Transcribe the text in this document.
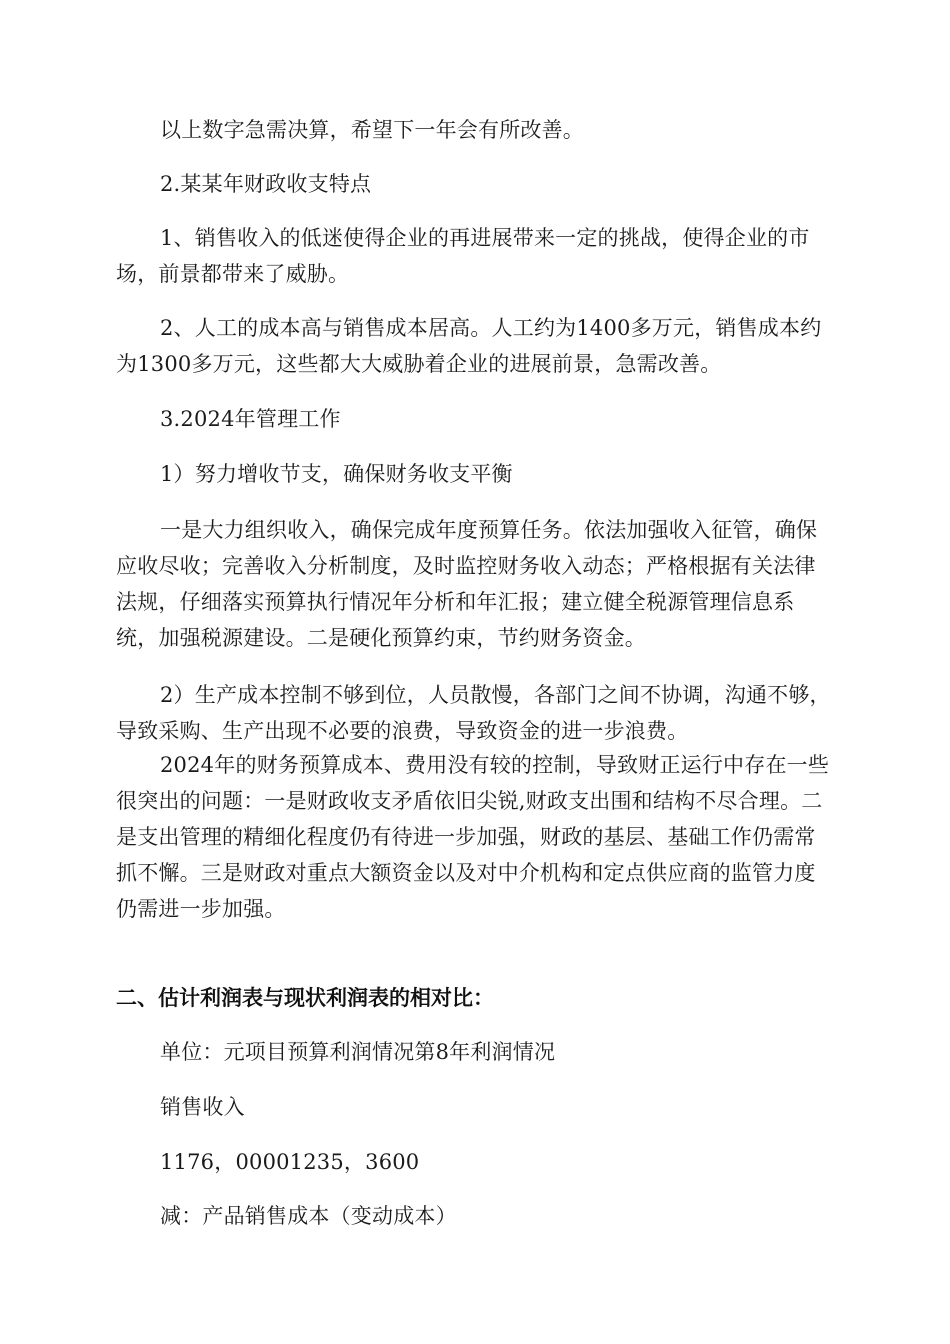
以上数字急需决算，希望下一年会有所改善。
2.某某年财政收支特点
1、销售收入的低迷使得企业的再进展带来一定的挑战，使得企业的市场，前景都带来了威胁。
2、人工的成本高与销售成本居高。人工约为1400多万元，销售成本约为1300多万元，这些都大大威胁着企业的进展前景，急需改善。
3.2024年管理工作
1）努力增收节支，确保财务收支平衡
一是大力组织收入，确保完成年度预算任务。依法加强收入征管，确保应收尽收；完善收入分析制度，及时监控财务收入动态；严格根据有关法律法规，仔细落实预算执行情况年分析和年汇报；建立健全税源管理信息系统，加强税源建设。二是硬化预算约束，节约财务资金。
2）生产成本控制不够到位，人员散慢，各部门之间不协调，沟通不够，导致采购、生产出现不必要的浪费，导致资金的进一步浪费。
2024年的财务预算成本、费用没有较的控制，导致财正运行中存在一些很突出的问题：一是财政收支矛盾依旧尖锐,财政支出围和结构不尽合理。二是支出管理的精细化程度仍有待进一步加强，财政的基层、基础工作仍需常抓不懈。三是财政对重点大额资金以及对中介机构和定点供应商的监管力度仍需进一步加强。
二、估计利润表与现状利润表的相对比：
单位：元项目预算利润情况第8年利润情况
销售收入
1176，00001235，3600
减：产品销售成本（变动成本）
